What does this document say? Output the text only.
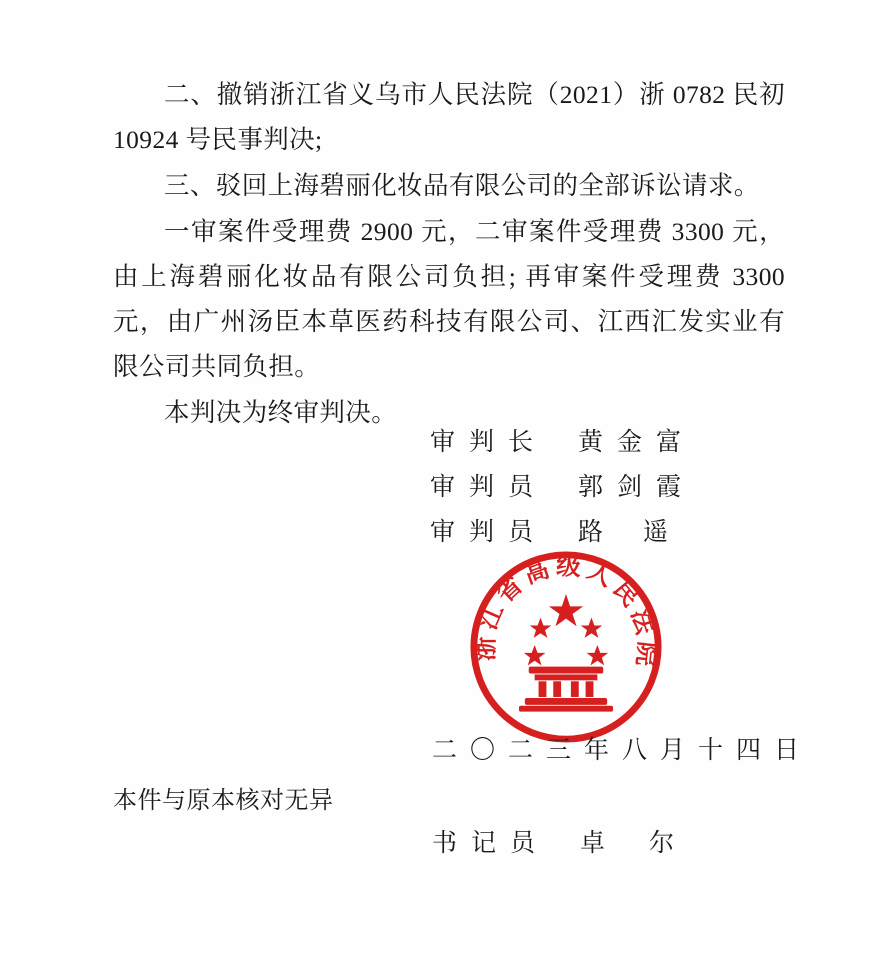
二、撤销浙江省义乌市人民法院（2021）浙 0782 民初 10924 号民事判决;

三、驳回上海碧丽化妆品有限公司的全部诉讼请求。

一审案件受理费 2900 元，二审案件受理费 3300 元，由上海碧丽化妆品有限公司负担; 再审案件受理费 3300 元，由广州汤臣本草医药科技有限公司、江西汇发实业有限公司共同负担。

本判决为终审判决。

审判长	黄金富
审判员	郭剑霞
审判员	路遥
浙江省高级人民法院
二〇二三年八月十四日
本件与原本核对无异
书记员	卓尔
